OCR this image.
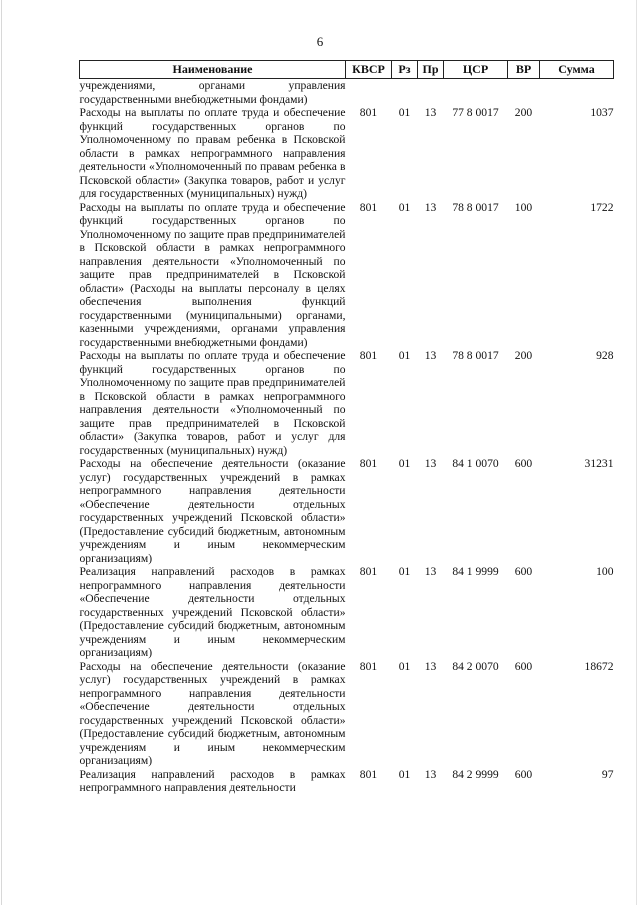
6
Наименование	КВСР	Рз	Пр	ЦСР	ВР	Сумма
учреждениями, органами управления государственными внебюджетными фондами)						
Расходы на выплаты по оплате труда и обеспечение функций государственных органов по Уполномоченному по правам ребенка в Псковской области в рамках непрограммного направления деятельности «Уполномоченный по правам ребенка в Псковской области» (Закупка товаров, работ и услуг для государственных (муниципальных) нужд)	801	01	13	77 8 0017	200	1037
Расходы на выплаты по оплате труда и обеспечение функций государственных органов по Уполномоченному по защите прав предпринимателей в Псковской области в рамках непрограммного направления деятельности «Уполномоченный по защите прав предпринимателей в Псковской области» (Расходы на выплаты персоналу в целях обеспечения выполнения функций государственными (муниципальными) органами, казенными учреждениями, органами управления государственными внебюджетными фондами)	801	01	13	78 8 0017	100	1722
Расходы на выплаты по оплате труда и обеспечение функций государственных органов по Уполномоченному по защите прав предпринимателей в Псковской области в рамках непрограммного направления деятельности «Уполномоченный по защите прав предпринимателей в Псковской области» (Закупка товаров, работ и услуг для государственных (муниципальных) нужд)	801	01	13	78 8 0017	200	928
Расходы на обеспечение деятельности (оказание услуг) государственных учреждений в рамках непрограммного направления деятельности «Обеспечение деятельности отдельных государственных учреждений Псковской области» (Предоставление субсидий бюджетным, автономным учреждениям и иным некоммерческим организациям)	801	01	13	84 1 0070	600	31231
Реализация направлений расходов в рамках непрограммного направления деятельности «Обеспечение деятельности отдельных государственных учреждений Псковской области» (Предоставление субсидий бюджетным, автономным учреждениям и иным некоммерческим организациям)	801	01	13	84 1 9999	600	100
Расходы на обеспечение деятельности (оказание услуг) государственных учреждений в рамках непрограммного направления деятельности «Обеспечение деятельности отдельных государственных учреждений Псковской области» (Предоставление субсидий бюджетным, автономным учреждениям и иным некоммерческим организациям)	801	01	13	84 2 0070	600	18672
Реализация направлений расходов в рамках непрограммного направления деятельности	801	01	13	84 2 9999	600	97
